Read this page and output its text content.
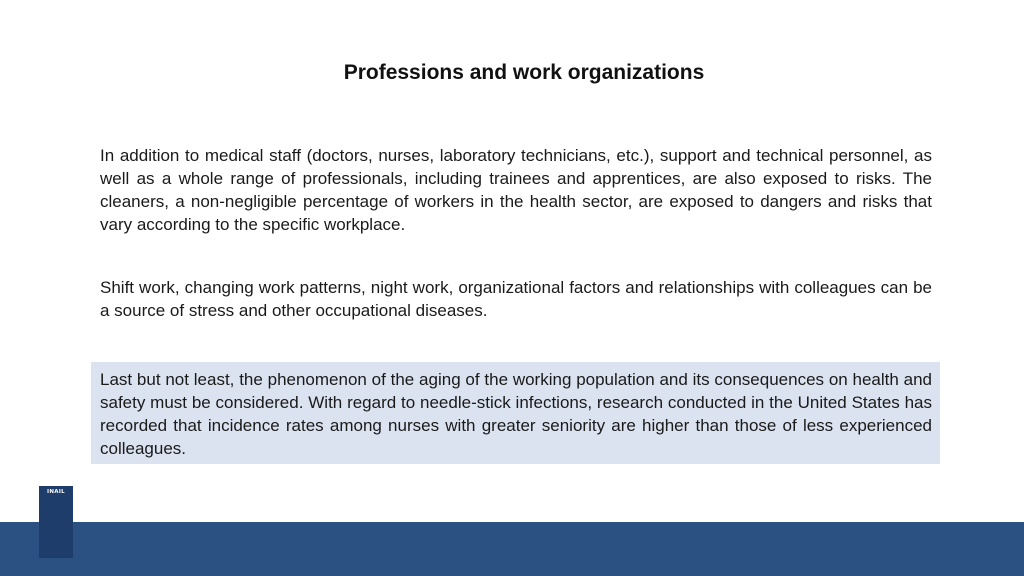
Professions and work organizations

In addition to medical staff (doctors, nurses, laboratory technicians, etc.), support and technical personnel, as well as a whole range of professionals, including trainees and apprentices, are also exposed to risks. The cleaners, a non-negligible percentage of workers in the health sector, are exposed to dangers and risks that vary according to the specific workplace.

Shift work, changing work patterns, night work, organizational factors and relationships with colleagues can be a source of stress and other occupational diseases.

Last but not least, the phenomenon of the aging of the working population and its consequences on health and safety must be considered. With regard to needle-stick infections, research conducted in the United States has recorded that incidence rates among nurses with greater seniority are higher than those of less experienced colleagues.

INAIL
